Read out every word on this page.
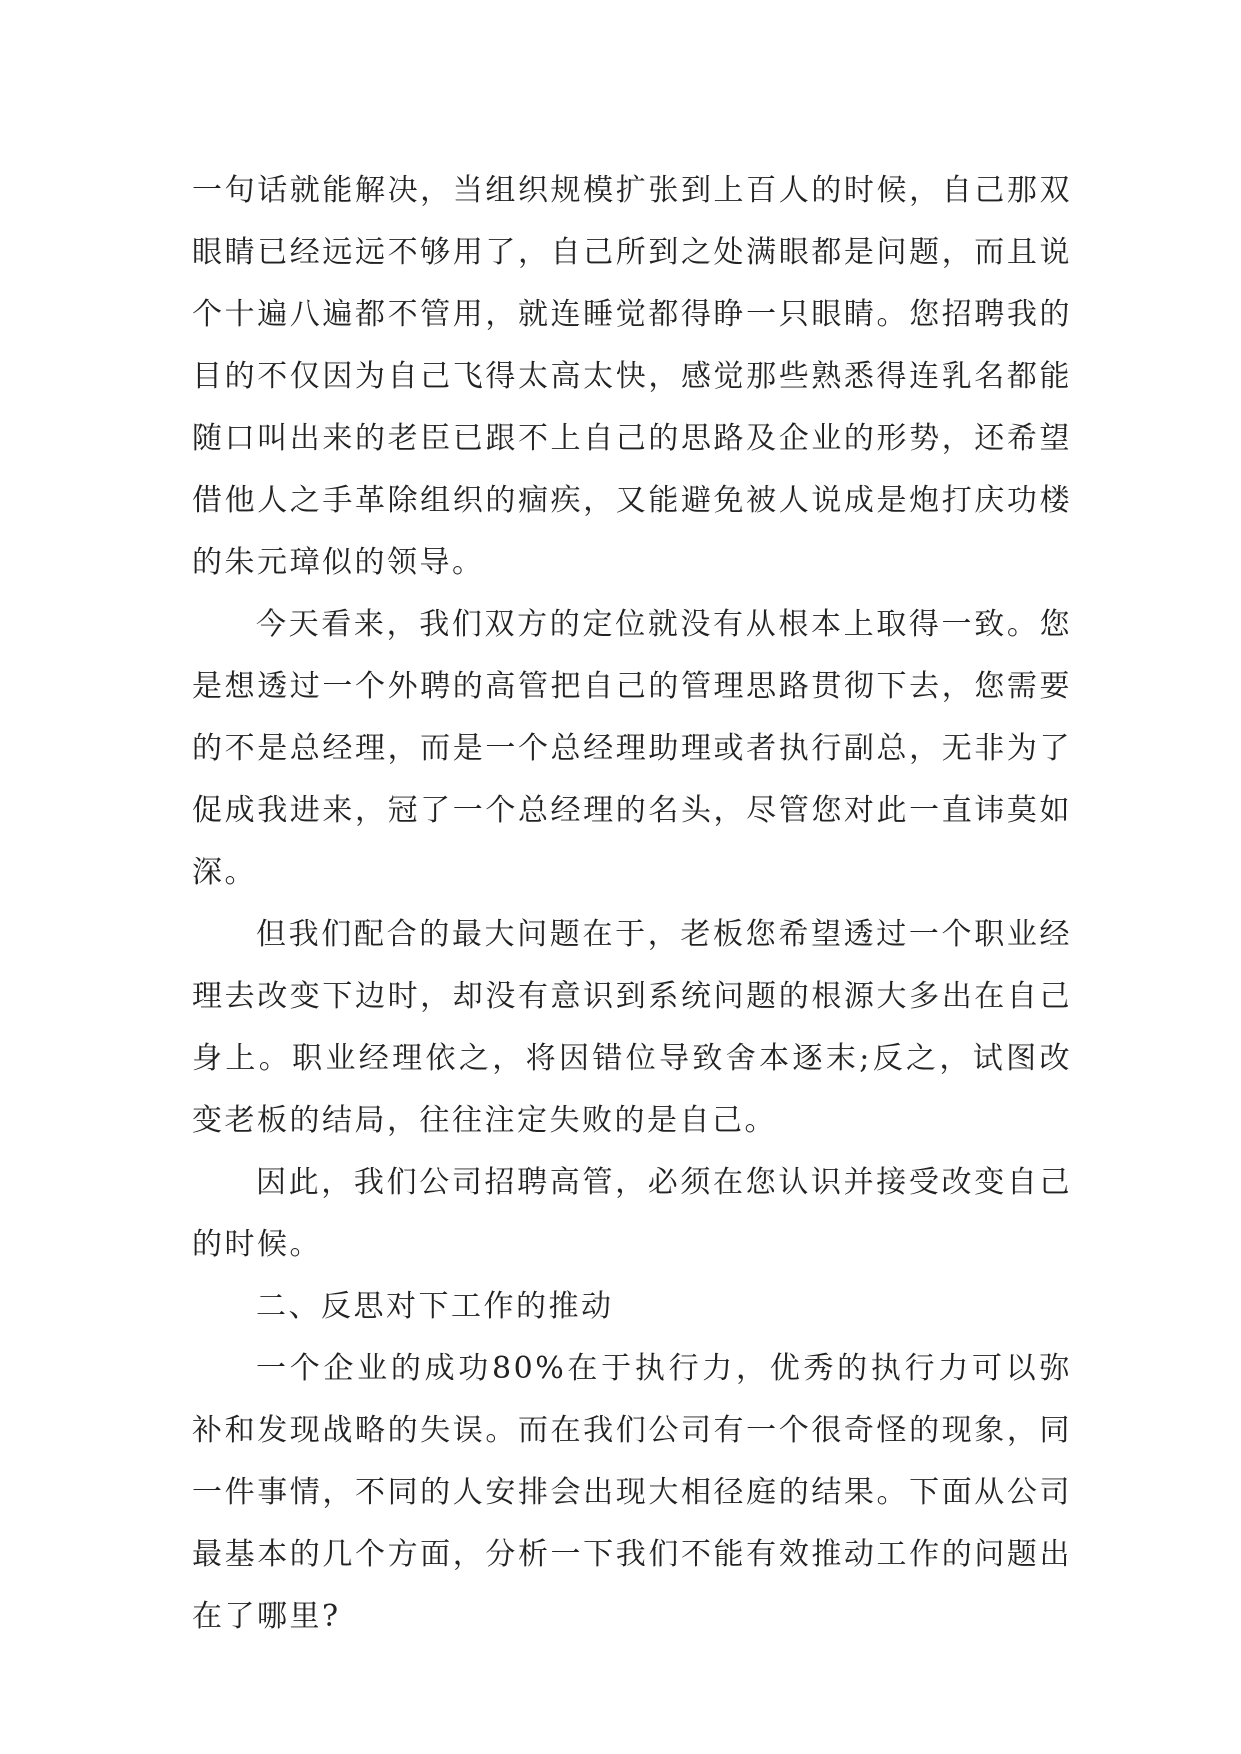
一句话就能解决，当组织规模扩张到上百人的时候，自己那双眼睛已经远远不够用了，自己所到之处满眼都是问题，而且说个十遍八遍都不管用，就连睡觉都得睁一只眼睛。您招聘我的目的不仅因为自己飞得太高太快，感觉那些熟悉得连乳名都能随口叫出来的老臣已跟不上自己的思路及企业的形势，还希望借他人之手革除组织的痼疾，又能避免被人说成是炮打庆功楼的朱元璋似的领导。

今天看来，我们双方的定位就没有从根本上取得一致。您是想透过一个外聘的高管把自己的管理思路贯彻下去，您需要的不是总经理，而是一个总经理助理或者执行副总，无非为了促成我进来，冠了一个总经理的名头，尽管您对此一直讳莫如深。

但我们配合的最大问题在于，老板您希望透过一个职业经理去改变下边时，却没有意识到系统问题的根源大多出在自己身上。职业经理依之，将因错位导致舍本逐末;反之，试图改变老板的结局，往往注定失败的是自己。

因此，我们公司招聘高管，必须在您认识并接受改变自己的时候。

二、反思对下工作的推动

一个企业的成功80%在于执行力，优秀的执行力可以弥补和发现战略的失误。而在我们公司有一个很奇怪的现象，同一件事情，不同的人安排会出现大相径庭的结果。下面从公司最基本的几个方面，分析一下我们不能有效推动工作的问题出在了哪里?
